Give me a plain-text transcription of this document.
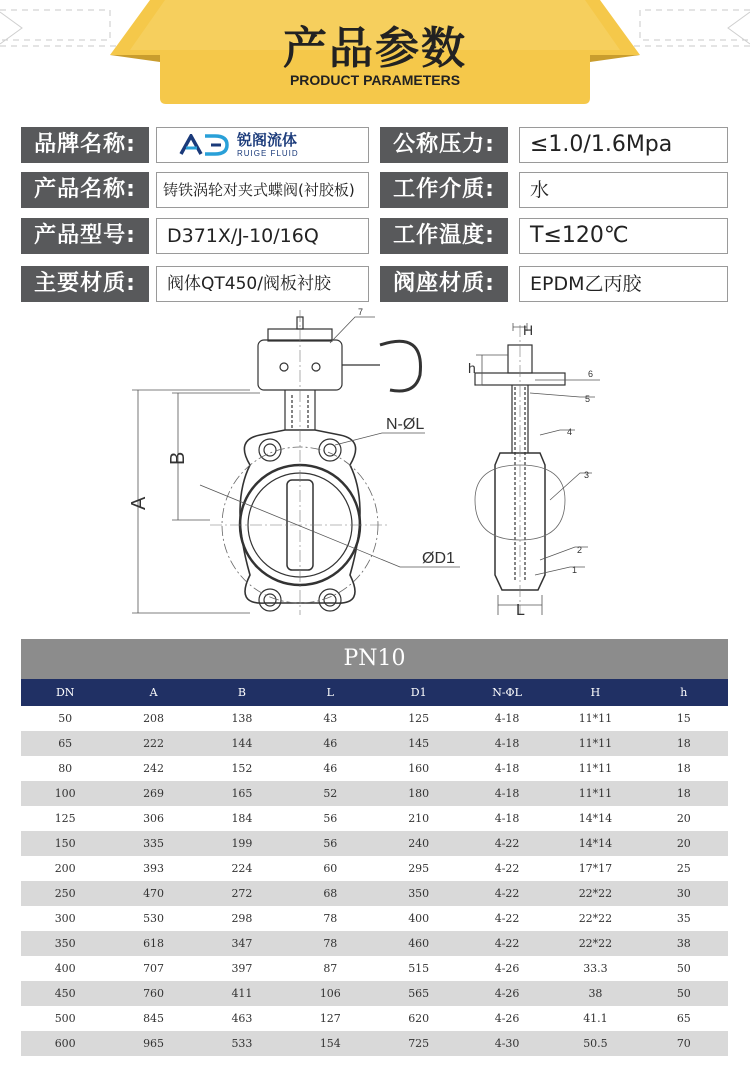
产品参数
PRODUCT PARAMETERS
品牌名称:	锐阁流体
RUIGE FLUID	公称压力:	≤1.0/1.6Mpa
产品名称:	铸铁涡轮对夹式蝶阀(衬胶板)	工作介质:	水
产品型号:	D371X/J-10/16Q	工作温度:	T≤120℃
主要材质:	阀体QT450/阀板衬胶	阀座材质:	EPDM乙丙胶
A
B
N-ØL
ØD1
H
h
L
1
2
3
4
5
6
7
PN10
DN	A	B	L	D1	N-ΦL	H	h
50	208	138	43	125	4-18	11*11	15
65	222	144	46	145	4-18	11*11	18
80	242	152	46	160	4-18	11*11	18
100	269	165	52	180	4-18	11*11	18
125	306	184	56	210	4-18	14*14	20
150	335	199	56	240	4-22	14*14	20
200	393	224	60	295	4-22	17*17	25
250	470	272	68	350	4-22	22*22	30
300	530	298	78	400	4-22	22*22	35
350	618	347	78	460	4-22	22*22	38
400	707	397	87	515	4-26	33.3	50
450	760	411	106	565	4-26	38	50
500	845	463	127	620	4-26	41.1	65
600	965	533	154	725	4-30	50.5	70
